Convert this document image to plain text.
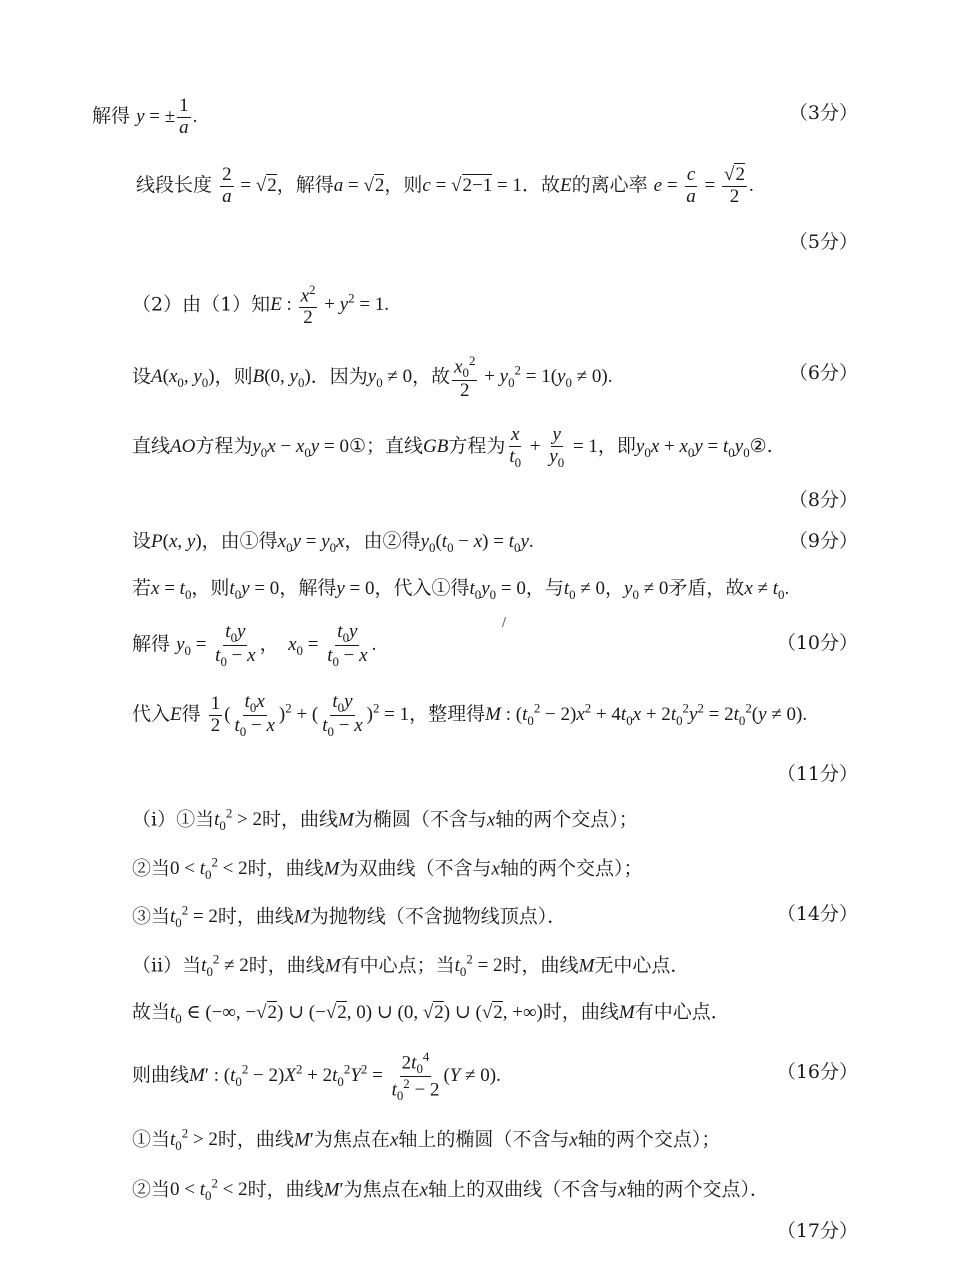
解得 y = ± $\frac{1}{a}$ .	（3分）
线段长度 $\frac{2}{a} = √2$，解得a = √2，则c = √2−1 = 1．故E的离心率 $e = \frac{c}{a} = \frac{√2}{2}$ .
（5分）
（2）由（1）知E : $\frac{x^2}{2} + y^2 = 1$.
设$A(x_0$, $y_0$)，则B(0, $y_0$)．因为$y_0 \ne 0$，故 $\frac{x_0^2}{2} + y_0^2 = 1(y_0 \ne 0)$.	（6分）
直线AO方程为$y_0x - x_0y$ = 0①；直线GB方程为 $\frac{x}{t_0} + \frac{y}{y_0} = 1$，即$y_0x + x_0y$ = $t_0y_0②$.
（8分）
设P(x, y)，由①得$x_0y = y_0x$，由②得$y_0(t_0 - x) = t_0y$.	（9分）
若$x = t_0$，则$t_0y = 0$，解得y = 0，代入①得$t_0y_0 = 0$，与$t_0 \ne 0$，$y_0 \ne 0$矛盾，故$x \ne t_0$.
/
解得 $y_0 = \frac{t_0y}{t_0 - x}$ ，  $x_0 = \frac{t_0y}{t_0 - x}$ .	（10分）
代入E得 $\frac{1}{2}$ ( $\frac{t_0x}{t_0 - x} )^2$ + ( $\frac{t_0y}{t_0 - x} )^2 = 1$，整理得M : $(t_0^2 - 2)x^2 + 4t_0x + 2t_0^2y^2 = 2t_0^2(y \ne 0)$.
（11分）
（ⅰ）①当$t_0^2 > 2$时，曲线M为椭圆（不含与x轴的两个交点）；
②当$0 < t_0^2 < 2$时，曲线M为双曲线（不含与x轴的两个交点）；
③当$t_0^2 = 2$时，曲线M为抛物线（不含抛物线顶点）．	（14分）
（ⅱ）当$t_0^2 \ne 2$时，曲线M有中心点；当$t_0^2 = 2$时，曲线M无中心点．
故当$t_0$ ∈ (−∞, −√2) ∪ (−√2, 0) ∪ (0, √2) ∪ (√2, +∞)时，曲线M有中心点．
则曲线M′ : $(t_0^2 - 2)X^2 + 2t_0^2Y^2 = \frac{2t_0^4}{t_0^2 - 2} (Y \ne 0)$.	（16分）
①当$t_0^2 > 2$时，曲线M′为焦点在x轴上的椭圆（不含与x轴的两个交点）；
②当$0 < t_0^2 < 2$时，曲线M′为焦点在x轴上的双曲线（不含与x轴的两个交点）．
（17分）
